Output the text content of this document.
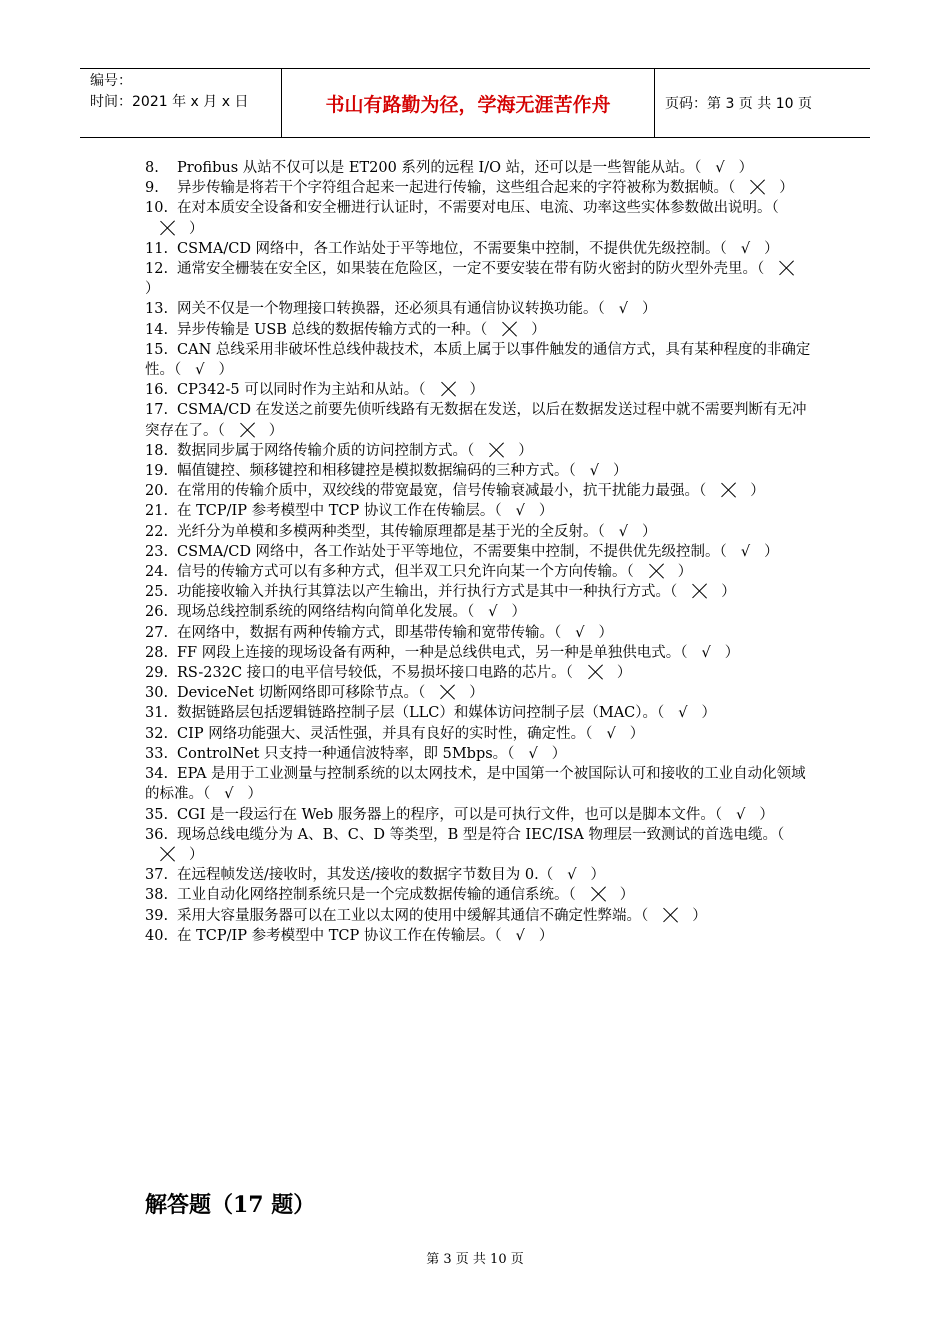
编号：
时间：2021 年 x 月 x 日	书山有路勤为径，学海无涯苦作舟	页码：第 3 页 共 10 页
8. Profibus 从站不仅可以是 ET200 系列的远程 I/O 站，还可以是一些智能从站。（ √ ）
9. 异步传输是将若干个字符组合起来一起进行传输，这些组合起来的字符被称为数据帧。（	）
10. 在对本质安全设备和安全栅进行认证时，不需要对电压、电流、功率这些实体参数做出说明。（）
11. CSMA/CD 网络中，各工作站处于平等地位，不需要集中控制，不提供优先级控制。（ √ ）
12. 通常安全栅装在安全区，如果装在危险区，一定不要安装在带有防火密封的防火型外壳里。（）
13. 网关不仅是一个物理接口转换器，还必须具有通信协议转换功能。（ √ ）
14. 异步传输是 USB 总线的数据传输方式的一种。（	）
15. CAN 总线采用非破坏性总线仲裁技术，本质上属于以事件触发的通信方式，具有某种程度的非确定性。（ √ ）
16. CP342-5 可以同时作为主站和从站。（	）
17. CSMA/CD 在发送之前要先侦听线路有无数据在发送，以后在数据发送过程中就不需要判断有无冲突存在了。（	）
18. 数据同步属于网络传输介质的访问控制方式。（	）
19. 幅值键控、频移键控和相移键控是模拟数据编码的三种方式。（ √ ）
20. 在常用的传输介质中，双绞线的带宽最宽，信号传输衰减最小，抗干扰能力最强。（	）
21. 在 TCP/IP 参考模型中 TCP 协议工作在传输层。（ √ ）
22. 光纤分为单模和多模两种类型，其传输原理都是基于光的全反射。（ √ ）
23. CSMA/CD 网络中，各工作站处于平等地位，不需要集中控制，不提供优先级控制。（ √ ）
24. 信号的传输方式可以有多种方式，但半双工只允许向某一个方向传输。（	）
25. 功能接收输入并执行其算法以产生输出，并行执行方式是其中一种执行方式。（	）
26. 现场总线控制系统的网络结构向简单化发展。（ √ ）
27. 在网络中，数据有两种传输方式，即基带传输和宽带传输。（ √ ）
28. FF 网段上连接的现场设备有两种，一种是总线供电式，另一种是单独供电式。（ √ ）
29. RS-232C 接口的电平信号较低，不易损坏接口电路的芯片。（	）
30. DeviceNet 切断网络即可移除节点。（	）
31. 数据链路层包括逻辑链路控制子层（LLC）和媒体访问控制子层（MAC）。（ √ ）
32. CIP 网络功能强大、灵活性强，并具有良好的实时性，确定性。（ √ ）
33. ControlNet 只支持一种通信波特率，即 5Mbps。（ √ ）
34. EPA 是用于工业测量与控制系统的以太网技术，是中国第一个被国际认可和接收的工业自动化领域的标准。（ √ ）
35. CGI 是一段运行在 Web 服务器上的程序，可以是可执行文件，也可以是脚本文件。（ √ ）
36. 现场总线电缆分为 A、B、C、D 等类型，B 型是符合 IEC/ISA 物理层一致测试的首选电缆。（）
37. 在远程帧发送/接收时，其发送/接收的数据字节数目为 0.（ √ ）
38. 工业自动化网络控制系统只是一个完成数据传输的通信系统。（	）
39. 采用大容量服务器可以在工业以太网的使用中缓解其通信不确定性弊端。（	）
40. 在 TCP/IP 参考模型中 TCP 协议工作在传输层。（ √ ）
解答题（17 题）
第 3 页 共 10 页
